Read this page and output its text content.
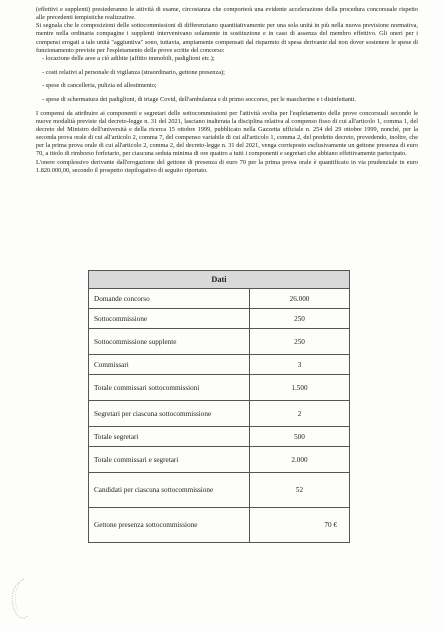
(effettivi e supplenti) presiederanno le attività di esame, circostanza che comporterà una evidente accelerazione della procedura concorsuale rispetto alle precedenti tempistiche realizzative.

Si segnala che le composizioni delle sottocommissioni di differenziano quantitativamente per una sola unità in più nella nuova previsione normativa, mentre nella ordinaria compagine i supplenti intervenivano solamente in sostituzione e in caso di assenza del membro effettivo. Gli oneri per i compensi erogati a tale unità "aggiuntiva" sono, tuttavia, ampiamente compensati dal risparmio di spesa derivante dal non dover sostenere le spese di funzionamento previste per l'espletamento delle prove scritte del concorso:

- locazione delle aree a ciò adibite (affitto immobili, padiglioni etc.);

- costi relativi al personale di vigilanza (straordinario, gettone presenza);

- spese di cancelleria, pulizia ed allestimento;

- spese di schermatura dei padiglioni, di triage Covid, dell'ambulanza e di primo soccorso, per le mascherine e i disinfettanti.

I compensi da attribuire ai componenti e segretari delle sottocommissioni per l'attività svolta per l'espletamento delle prove concorsuali secondo le nuove modalità previste dal decreto-legge n. 31 del 2021, lasciano inalterata la disciplina relativa al compenso fisso di cui all'articolo 1, comma 1, del decreto del Ministro dell'università e della ricerca 15 ottobre 1999, pubblicato nella Gazzetta ufficiale n. 254 del 29 ottobre 1999, nonché, per la seconda prova orale di cui all'articolo 2, comma 7, del compenso variabile di cui all'articolo 1, comma 2, del predetto decreto, prevedendo, inoltre, che per la prima prova orale di cui all'articolo 2, comma 2, del decreto-legge n. 31 del 2021, venga corrisposto esclusivamente un gettone presenza di euro 70, a titolo di rimborso forfetario, per ciascuna seduta minima di ore quattro a tutti i componenti e segretari che abbiano effettivamente partecipato.

L'onere complessivo derivante dall'erogazione del gettone di presenza di euro 70 per la prima prova orale è quantificato in via prudenziale in euro 1.820.000,00, secondo il prospetto riepilogativo di seguito riportato.

Dati	
Domande concorso	26.000
Sottocommissione	250
Sottocommissione supplente	250
Commissari	3
Totale commissari sottocommissioni	1.500
Segretari per ciascuna sottocommissione	2
Totale segretari	500
Totale commissari e segretari	2.000
Candidati per ciascuna sottocommissione	52
Gettone presenza sottocommissione	70 €
